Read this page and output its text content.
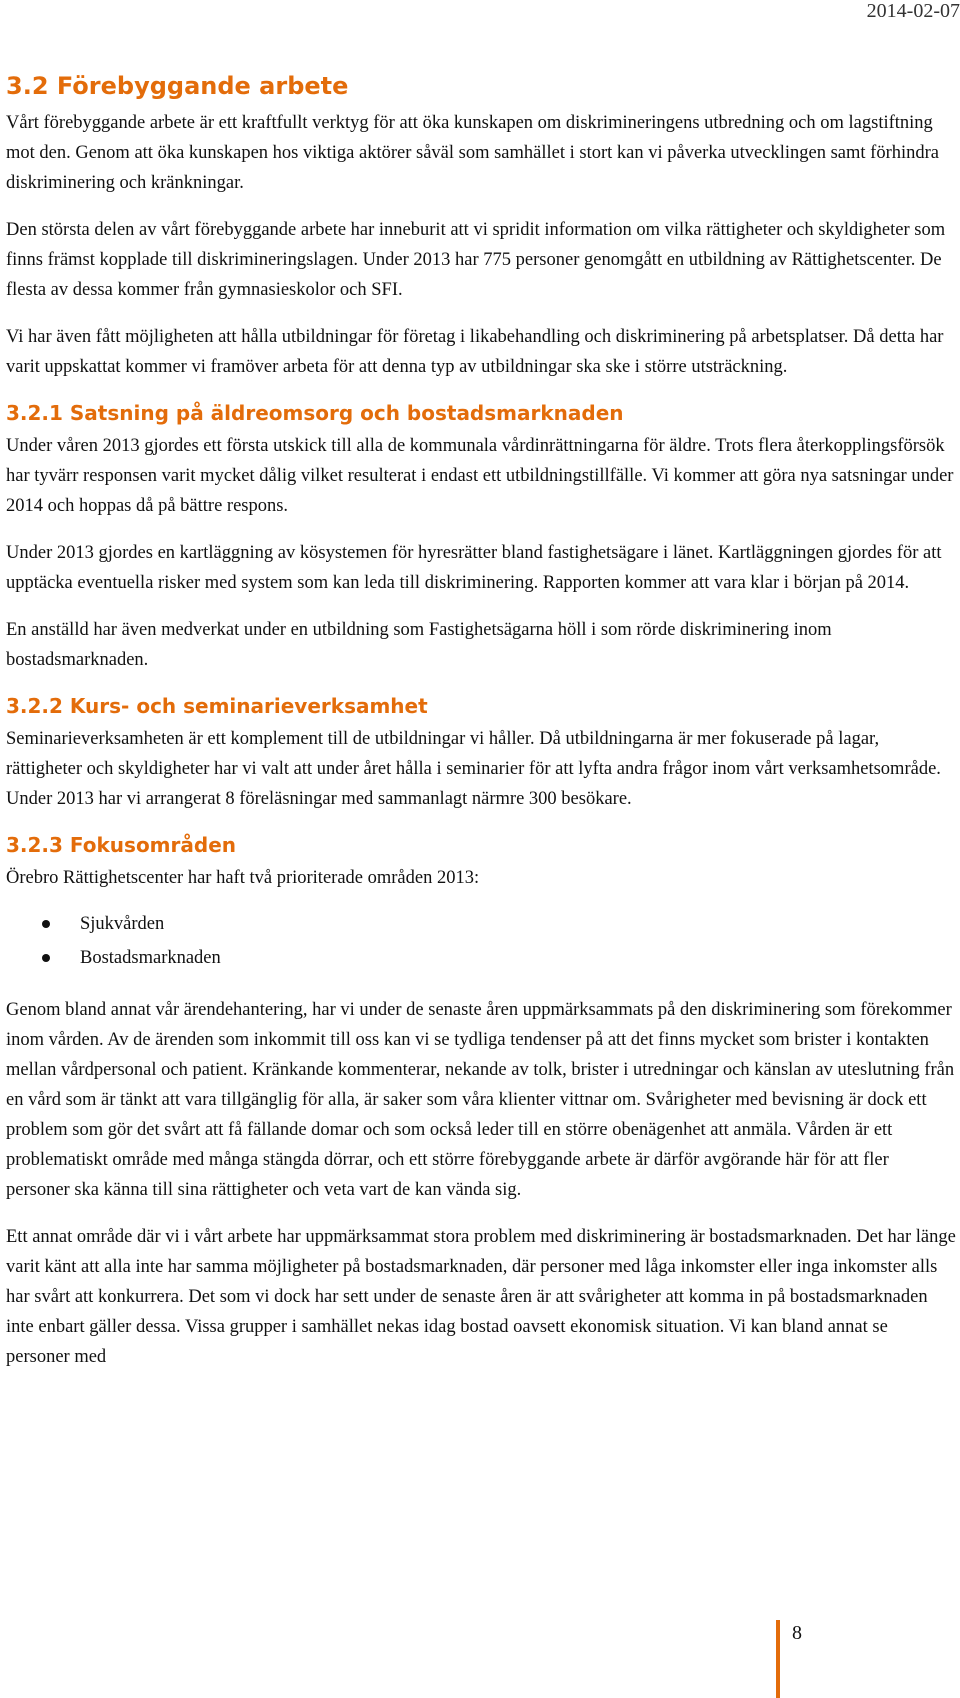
2014-02-07
3.2 Förebyggande arbete

Vårt förebyggande arbete är ett kraftfullt verktyg för att öka kunskapen om diskrimineringens utbredning och om lagstiftning mot den. Genom att öka kunskapen hos viktiga aktörer såväl som samhället i stort kan vi påverka utvecklingen samt förhindra diskriminering och kränkningar.

Den största delen av vårt förebyggande arbete har inneburit att vi spridit information om vilka rättigheter och skyldigheter som finns främst kopplade till diskrimineringslagen. Under 2013 har 775 personer genomgått en utbildning av Rättighetscenter. De flesta av dessa kommer från gymnasieskolor och SFI.

Vi har även fått möjligheten att hålla utbildningar för företag i likabehandling och diskriminering på arbetsplatser. Då detta har varit uppskattat kommer vi framöver arbeta för att denna typ av utbildningar ska ske i större utsträckning.

3.2.1 Satsning på äldreomsorg och bostadsmarknaden

Under våren 2013 gjordes ett första utskick till alla de kommunala vårdinrättningarna för äldre. Trots flera återkopplingsförsök har tyvärr responsen varit mycket dålig vilket resulterat i endast ett utbildningstillfälle. Vi kommer att göra nya satsningar under 2014 och hoppas då på bättre respons.

Under 2013 gjordes en kartläggning av kösystemen för hyresrätter bland fastighetsägare i länet. Kartläggningen gjordes för att upptäcka eventuella risker med system som kan leda till diskriminering. Rapporten kommer att vara klar i början på 2014.

En anställd har även medverkat under en utbildning som Fastighetsägarna höll i som rörde diskriminering inom bostadsmarknaden.

3.2.2 Kurs- och seminarieverksamhet

Seminarieverksamheten är ett komplement till de utbildningar vi håller. Då utbildningarna är mer fokuserade på lagar, rättigheter och skyldigheter har vi valt att under året hålla i seminarier för att lyfta andra frågor inom vårt verksamhetsområde. Under 2013 har vi arrangerat 8 föreläsningar med sammanlagt närmre 300 besökare.

3.2.3 Fokusområden

Örebro Rättighetscenter har haft två prioriterade områden 2013:

Sjukvården
Bostadsmarknaden

Genom bland annat vår ärendehantering, har vi under de senaste åren uppmärksammats på den diskriminering som förekommer inom vården. Av de ärenden som inkommit till oss kan vi se tydliga tendenser på att det finns mycket som brister i kontakten mellan vårdpersonal och patient. Kränkande kommenterar, nekande av tolk, brister i utredningar och känslan av uteslutning från en vård som är tänkt att vara tillgänglig för alla, är saker som våra klienter vittnar om. Svårigheter med bevisning är dock ett problem som gör det svårt att få fällande domar och som också leder till en större obenägenhet att anmäla. Vården är ett problematiskt område med många stängda dörrar, och ett större förebyggande arbete är därför avgörande här för att fler personer ska känna till sina rättigheter och veta vart de kan vända sig.

Ett annat område där vi i vårt arbete har uppmärksammat stora problem med diskriminering är bostadsmarknaden. Det har länge varit känt att alla inte har samma möjligheter på bostadsmarknaden, där personer med låga inkomster eller inga inkomster alls har svårt att konkurrera. Det som vi dock har sett under de senaste åren är att svårigheter att komma in på bostadsmarknaden inte enbart gäller dessa. Vissa grupper i samhället nekas idag bostad oavsett ekonomisk situation. Vi kan bland annat se personer med

8
